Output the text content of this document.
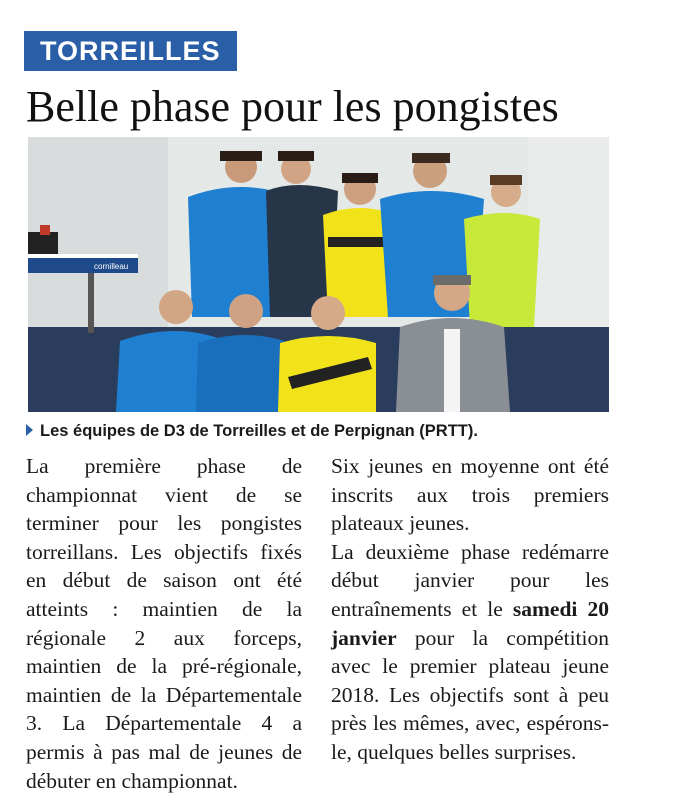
TORREILLES
Belle phase pour les pongistes
cornilleau
Les équipes de D3 de Torreilles et de Perpignan (PRTT).

La première phase de championnat vient de se terminer pour les pongistes torreillans. Les objectifs fixés en début de saison ont été atteints : maintien de la régionale 2 aux forceps, maintien de la pré-régionale, maintien de la Départementale 3. La Départementale 4 a permis à pas mal de jeunes de débuter en championnat.

Six jeunes en moyenne ont été inscrits aux trois premiers plateaux jeunes.

La deuxième phase redémarre début janvier pour les entraînements et le samedi 20 janvier pour la compétition avec le premier plateau jeune 2018. Les objectifs sont à peu près les mêmes, avec, espérons-le, quelques belles surprises.
